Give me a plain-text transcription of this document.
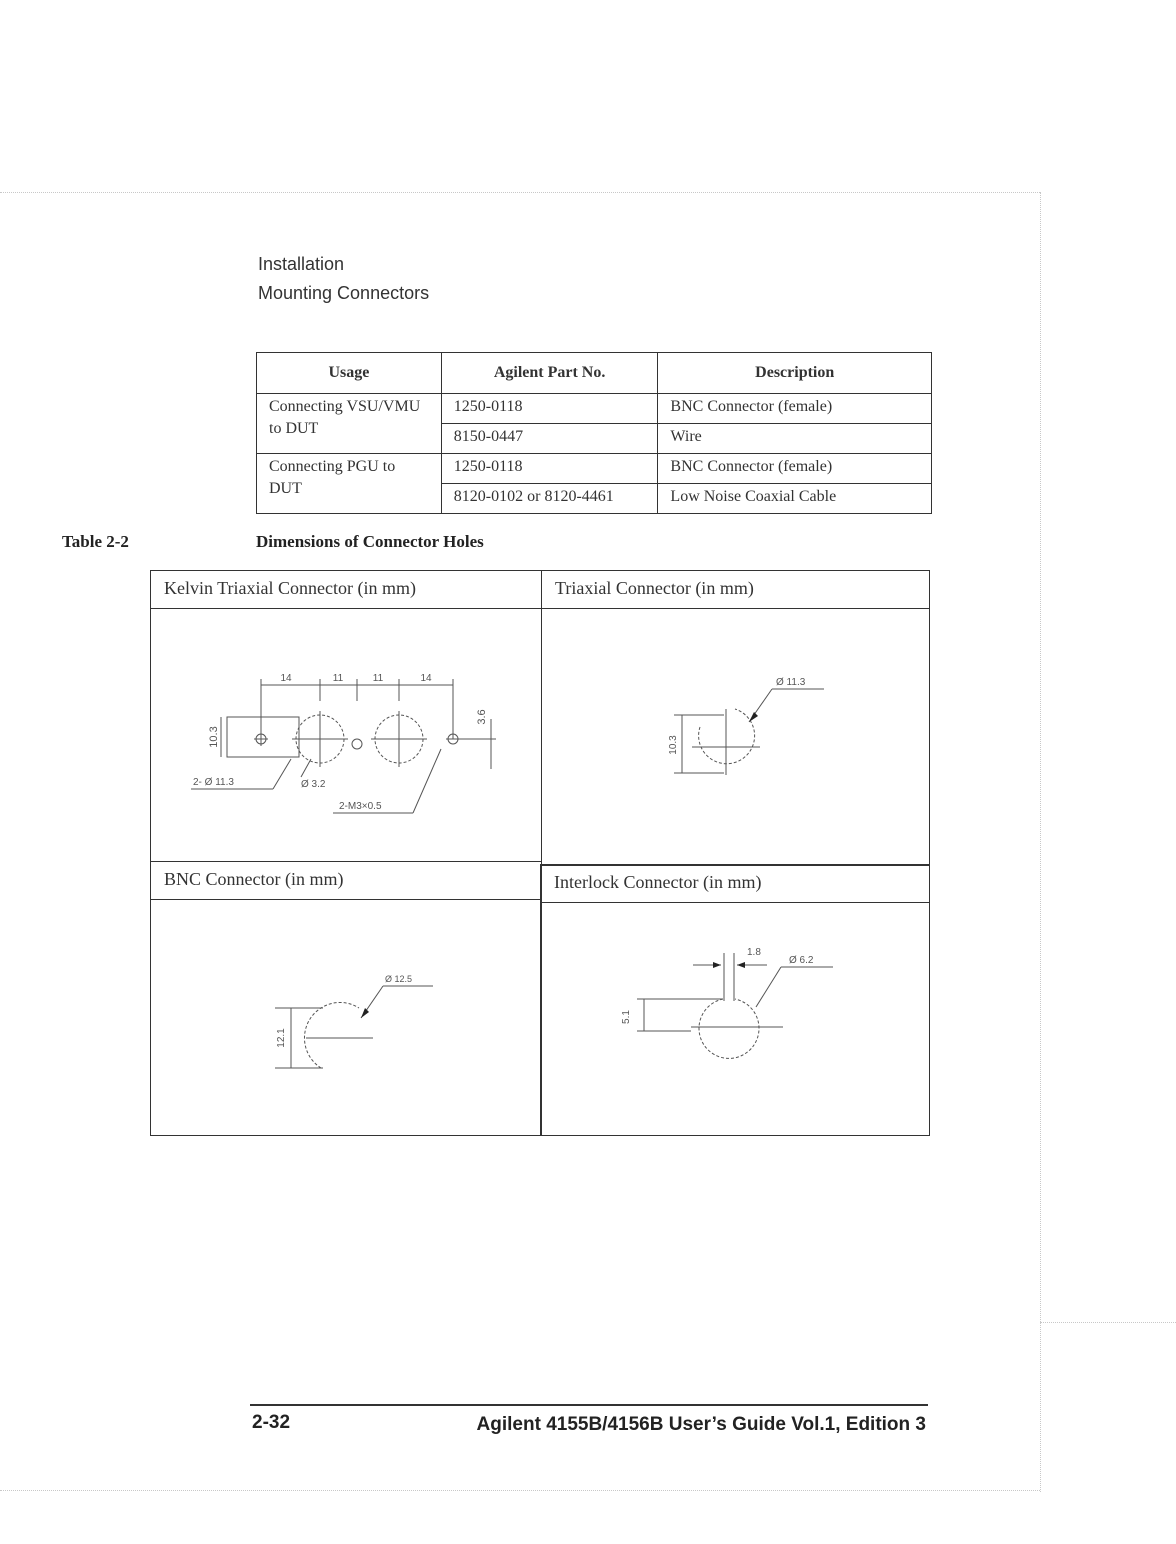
Installation
Mounting Connectors
Usage	Agilent Part No.	Description
Connecting VSU/VMU to DUT	1250-0118	BNC Connector (female)
	8150-0447	Wire
Connecting PGU to DUT	1250-0118	BNC Connector (female)
	8120-0102 or 8120-4461	Low Noise Coaxial Cable
Table 2-2	Dimensions of Connector Holes
Kelvin Triaxial Connector (in mm)
14	11	11	14
10.3
3.6
2- Ø 11.3	Ø 3.2
2-M3×0.5
Triaxial Connector (in mm)
Ø 11.3
10.3
BNC Connector (in mm)
Ø 12.5
12.1
Interlock Connector (in mm)
1.8
Ø 6.2
5.1
2-32	Agilent 4155B/4156B User’s Guide Vol.1, Edition 3
